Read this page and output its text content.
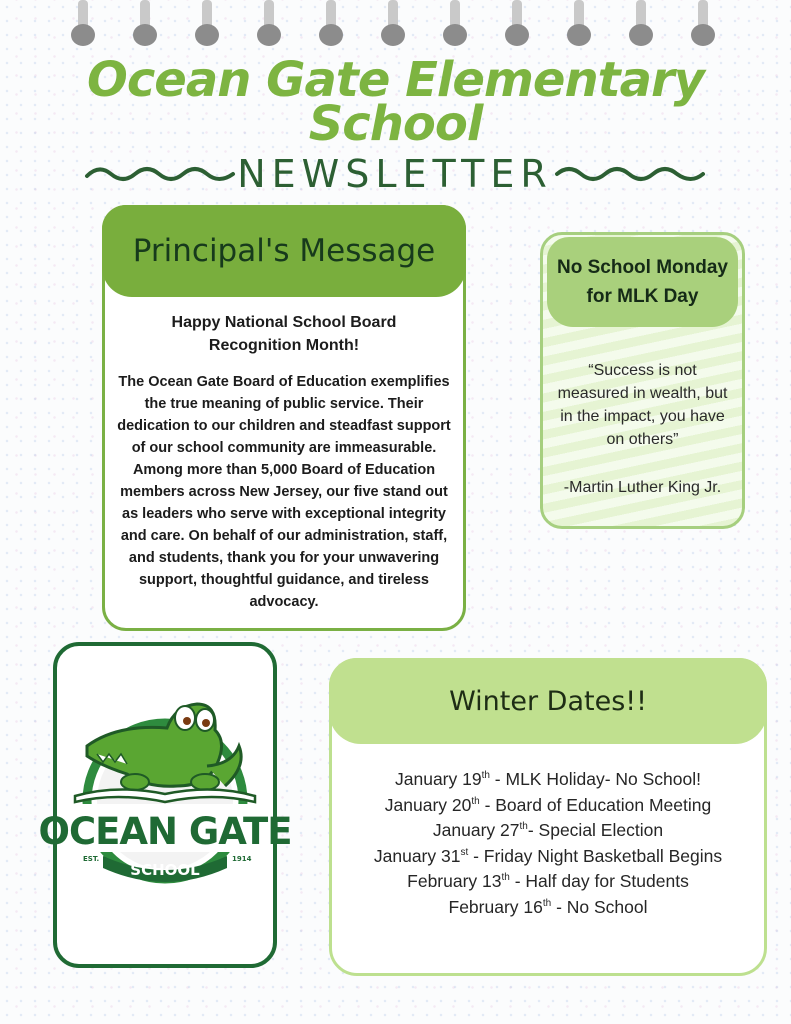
Ocean Gate Elementary School
NEWSLETTER
Principal's Message
Happy National School Board Recognition Month!
The Ocean Gate Board of Education exemplifies the true meaning of public service. Their dedication to our children and steadfast support of our school community are immeasurable. Among more than 5,000 Board of Education members across New Jersey, our five stand out as leaders who serve with exceptional integrity and care. On behalf of our administration, staff, and students, thank you for your unwavering support, thoughtful guidance, and tireless advocacy.
No School Monday for MLK Day
“Success is not measured in wealth, but in the impact, you have on others”
-Martin Luther King Jr.
OCEAN GATE
SCHOOL
EST.	1914
Winter Dates!!
January 19th - MLK Holiday- No School!
January 20th - Board of Education Meeting
January 27th- Special Election
January 31st - Friday Night Basketball Begins
February 13th - Half day for Students
February 16th - No School
